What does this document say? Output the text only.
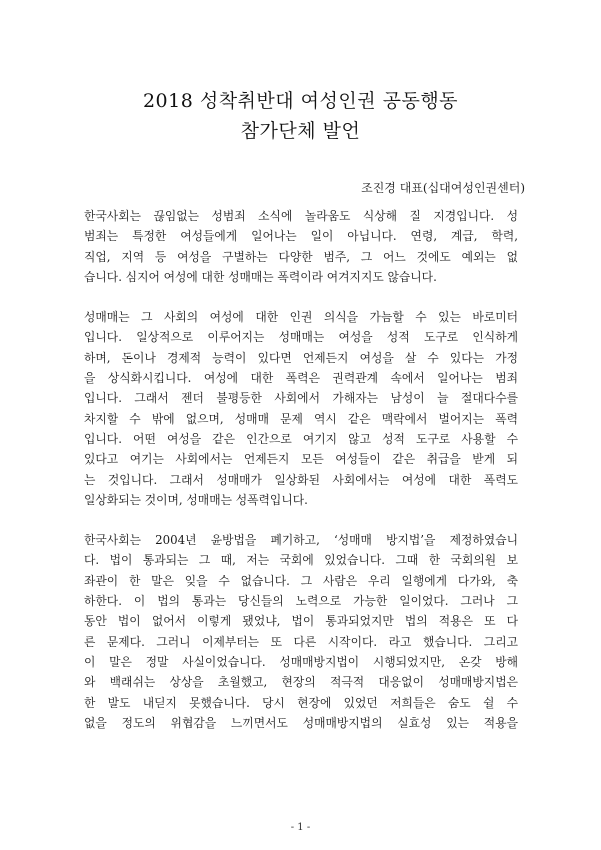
2018 성착취반대 여성인권 공동행동
참가단체 발언
조진경 대표(십대여성인권센터)
한국사회는 끊임없는 성범죄 소식에 놀라움도 식상해 질 지경입니다. 성
범죄는 특정한 여성들에게 일어나는 일이 아닙니다. 연령, 계급, 학력,
직업, 지역 등 여성을 구별하는 다양한 범주, 그 어느 것에도 예외는 없
습니다. 심지어 여성에 대한 성매매는 폭력이라 여겨지지도 않습니다.
성매매는 그 사회의 여성에 대한 인권 의식을 가늠할 수 있는 바로미터
입니다. 일상적으로 이루어지는 성매매는 여성을 성적 도구로 인식하게
하며, 돈이나 경제적 능력이 있다면 언제든지 여성을 살 수 있다는 가정
을 상식화시킵니다. 여성에 대한 폭력은 권력관계 속에서 일어나는 범죄
입니다. 그래서 젠더 불평등한 사회에서 가해자는 남성이 늘 절대다수를
차지할 수 밖에 없으며, 성매매 문제 역시 같은 맥락에서 벌어지는 폭력
입니다. 어떤 여성을 같은 인간으로 여기지 않고 성적 도구로 사용할 수
있다고 여기는 사회에서는 언제든지 모든 여성들이 같은 취급을 받게 되
는 것입니다. 그래서 성매매가 일상화된 사회에서는 여성에 대한 폭력도
일상화되는 것이며, 성매매는 성폭력입니다.
한국사회는 2004년 윤방법을 폐기하고, ‘성매매 방지법’을 제정하였습니
다. 법이 통과되는 그 때, 저는 국회에 있었습니다. 그때 한 국회의원 보
좌관이 한 말은 잊을 수 없습니다. 그 사람은 우리 일행에게 다가와, 축
하한다. 이 법의 통과는 당신들의 노력으로 가능한 일이었다. 그러나 그
동안 법이 없어서 이렇게 됐었냐, 법이 통과되었지만 법의 적용은 또 다
른 문제다. 그러니 이제부터는 또 다른 시작이다. 라고 했습니다. 그리고
이 말은 정말 사실이었습니다. 성매매방지법이 시행되었지만, 온갖 방해
와 백래쉬는 상상을 초월했고, 현장의 적극적 대응없이 성매매방지법은
한 발도 내딛지 못했습니다. 당시 현장에 있었던 저희들은 숨도 쉴 수
없을 정도의 위협감을 느끼면서도 성매매방지법의 실효성 있는 적용을
- 1 -
